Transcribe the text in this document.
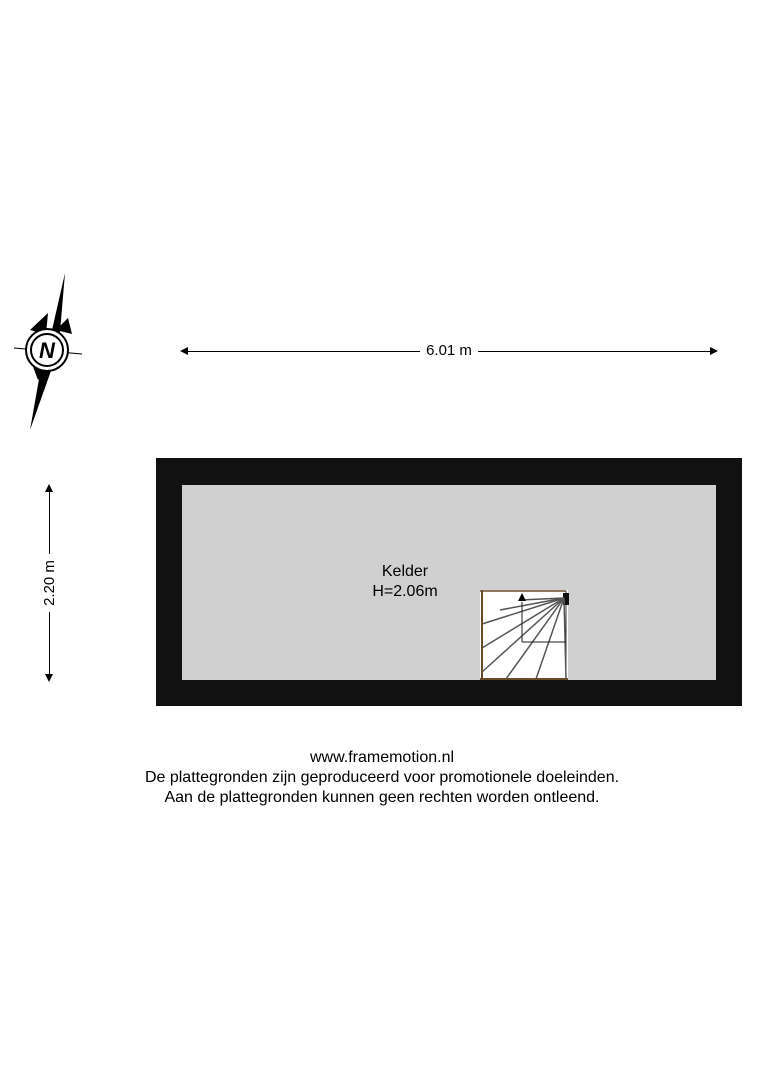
N	6.01 m
2.20 m	Kelder
H=2.06m
www.framemotion.nl
De plattegronden zijn geproduceerd voor promotionele doeleinden.
Aan de plattegronden kunnen geen rechten worden ontleend.
